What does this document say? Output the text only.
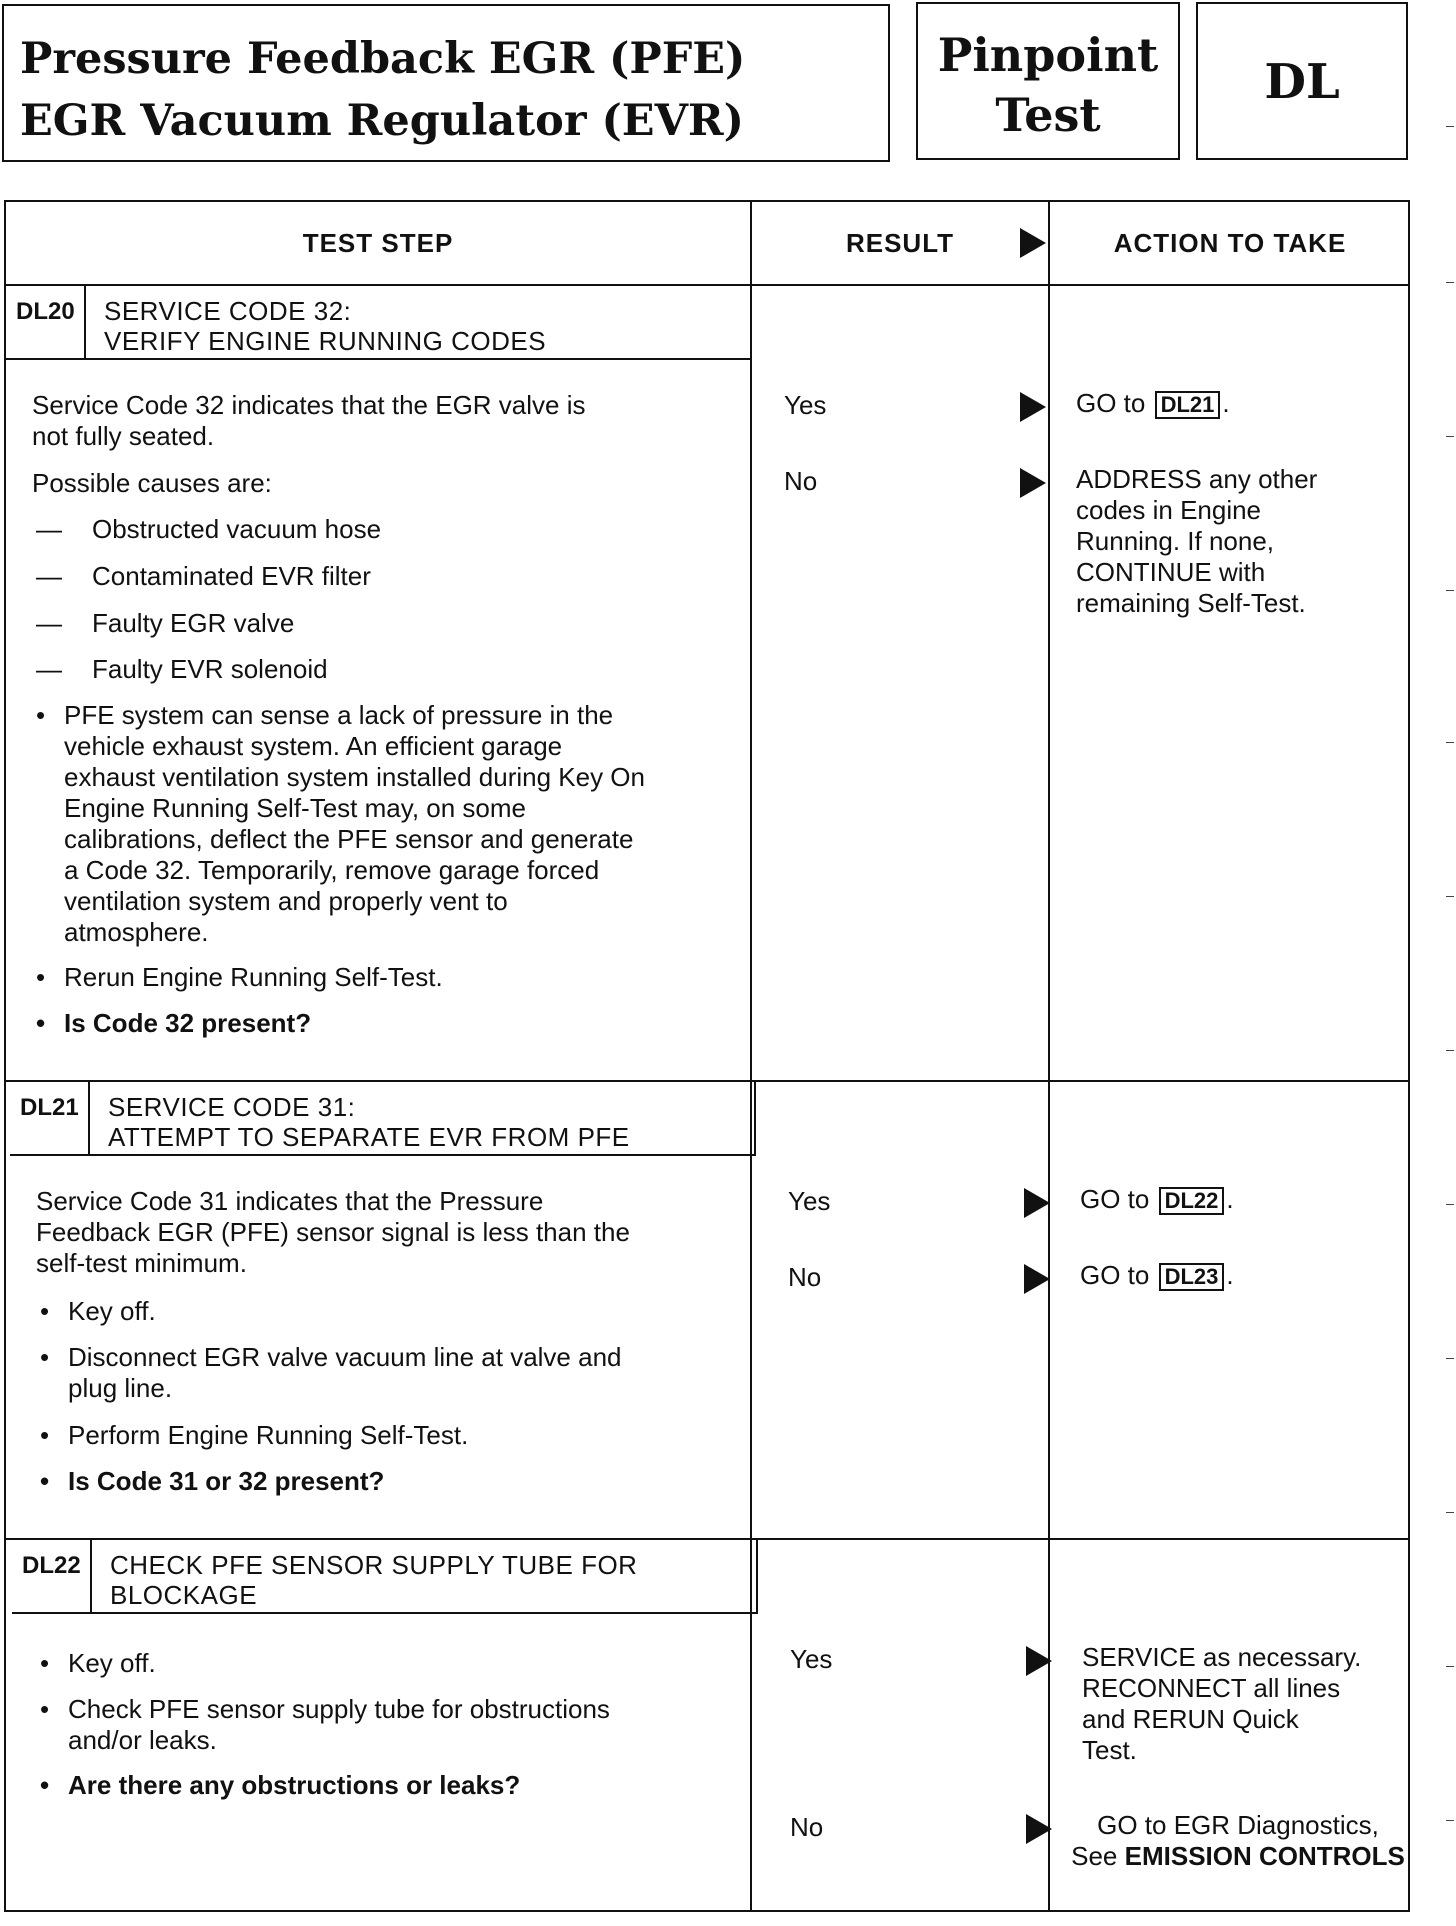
Pressure Feedback EGR (PFE)
EGR Vacuum Regulator (EVR)
Pinpoint
Test
DL
TEST STEP	RESULT	ACTION TO TAKE
DL20	SERVICE CODE 32:
VERIFY ENGINE RUNNING CODES
Service Code 32 indicates that the EGR valve is
not fully seated.
Possible causes are:
— Obstructed vacuum hose
— Contaminated EVR filter
— Faulty EGR valve
— Faulty EVR solenoid
• PFE system can sense a lack of pressure in the
vehicle exhaust system. An efficient garage
exhaust ventilation system installed during Key On
Engine Running Self-Test may, on some
calibrations, deflect the PFE sensor and generate
a Code 32. Temporarily, remove garage forced
ventilation system and properly vent to
atmosphere.
• Rerun Engine Running Self-Test.
• Is Code 32 present?
Yes	GO to DL21 .
No	ADDRESS any other
codes in Engine
Running. If none,
CONTINUE with
remaining Self-Test.
DL21	SERVICE CODE 31:
ATTEMPT TO SEPARATE EVR FROM PFE
Service Code 31 indicates that the Pressure
Feedback EGR (PFE) sensor signal is less than the
self-test minimum.
• Key off.
• Disconnect EGR valve vacuum line at valve and
plug line.
• Perform Engine Running Self-Test.
• Is Code 31 or 32 present?
Yes	GO to DL22 .
No	GO to DL23 .
DL22	CHECK PFE SENSOR SUPPLY TUBE FOR
BLOCKAGE
• Key off.
• Check PFE sensor supply tube for obstructions
and/or leaks.
• Are there any obstructions or leaks?
Yes	SERVICE as necessary.
RECONNECT all lines
and RERUN Quick
Test.
No	GO to EGR Diagnostics,
See EMISSION CONTROLS
